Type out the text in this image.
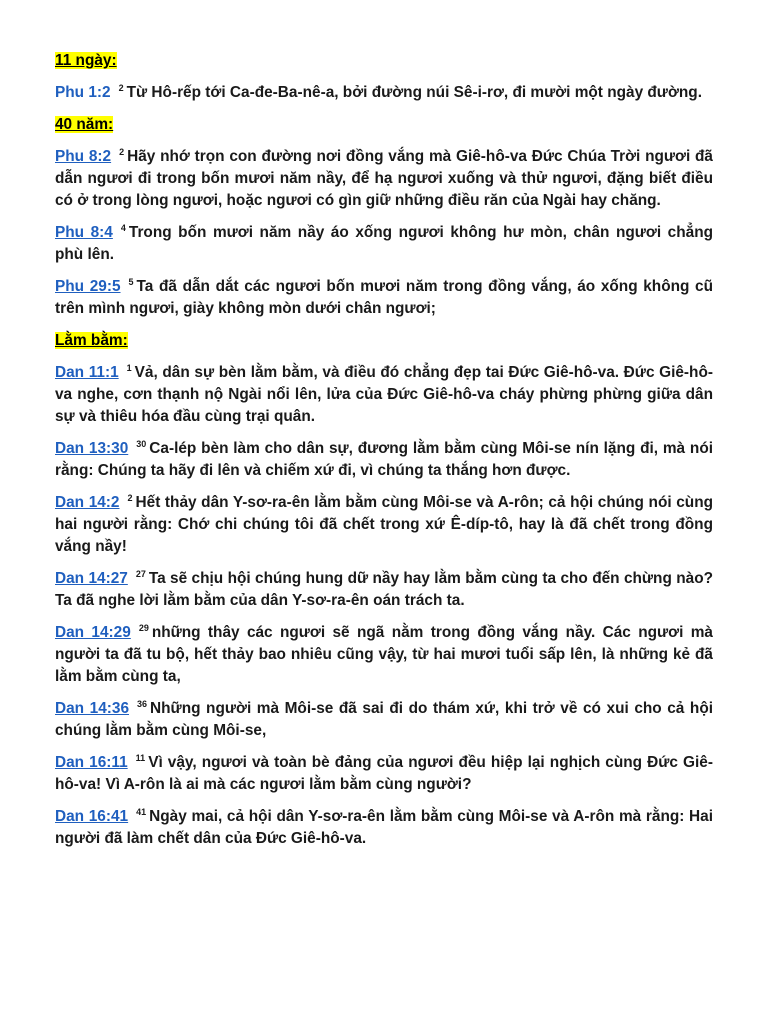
11 ngày:

Phu 1:2 $^2$ Từ Hô-rếp tới Ca-đe-Ba-nê-a, bởi đường núi Sê-i-rơ, đi mười một ngày đường.

40 năm:

Phu 8:2 $^2$ Hãy nhớ trọn con đường nơi đồng vắng mà Giê-hô-va Đức Chúa Trời ngươi đã dẫn ngươi đi trong bốn mươi năm nầy, để hạ ngươi xuống và thử ngươi, đặng biết điều có ở trong lòng ngươi, hoặc ngươi có gìn giữ những điều răn của Ngài hay chăng.

Phu 8:4 $^4$ Trong bốn mươi năm nầy áo xống ngươi không hư mòn, chân ngươi chẳng phù lên.

Phu 29:5 $^5$ Ta đã dẫn dắt các ngươi bốn mươi năm trong đồng vắng, áo xống không cũ trên mình ngươi, giày không mòn dưới chân ngươi;

Lằm bằm:

Dan 11:1 $^1$ Vả, dân sự bèn lằm bằm, và điều đó chẳng đẹp tai Đức Giê-hô-va. Đức Giê-hô-va nghe, cơn thạnh nộ Ngài nổi lên, lửa của Đức Giê-hô-va cháy phừng phừng giữa dân sự và thiêu hóa đầu cùng trại quân.

Dan 13:30 $^{30}$ Ca-lép bèn làm cho dân sự, đương lằm bằm cùng Môi-se nín lặng đi, mà nói rằng: Chúng ta hãy đi lên và chiếm xứ đi, vì chúng ta thắng hơn được.

Dan 14:2 $^2$ Hết thảy dân Y-sơ-ra-ên lằm bằm cùng Môi-se và A-rôn; cả hội chúng nói cùng hai người rằng: Chớ chi chúng tôi đã chết trong xứ Ê-díp-tô, hay là đã chết trong đồng vắng nầy!

Dan 14:27 $^{27}$ Ta sẽ chịu hội chúng hung dữ nầy hay lằm bằm cùng ta cho đến chừng nào? Ta đã nghe lời lằm bằm của dân Y-sơ-ra-ên oán trách ta.

Dan 14:29 $^{29}$ những thây các ngươi sẽ ngã nằm trong đồng vắng nầy. Các ngươi mà người ta đã tu bộ, hết thảy bao nhiêu cũng vậy, từ hai mươi tuổi sấp lên, là những kẻ đã lằm bằm cùng ta,

Dan 14:36 $^{36}$ Những người mà Môi-se đã sai đi do thám xứ, khi trở về có xui cho cả hội chúng lằm bằm cùng Môi-se,

Dan 16:11 $^{11}$ Vì vậy, ngươi và toàn bè đảng của ngươi đều hiệp lại nghịch cùng Đức Giê-hô-va! Vì A-rôn là ai mà các ngươi lằm bằm cùng người?

Dan 16:41 $^{41}$ Ngày mai, cả hội dân Y-sơ-ra-ên lằm bằm cùng Môi-se và A-rôn mà rằng: Hai người đã làm chết dân của Đức Giê-hô-va.
